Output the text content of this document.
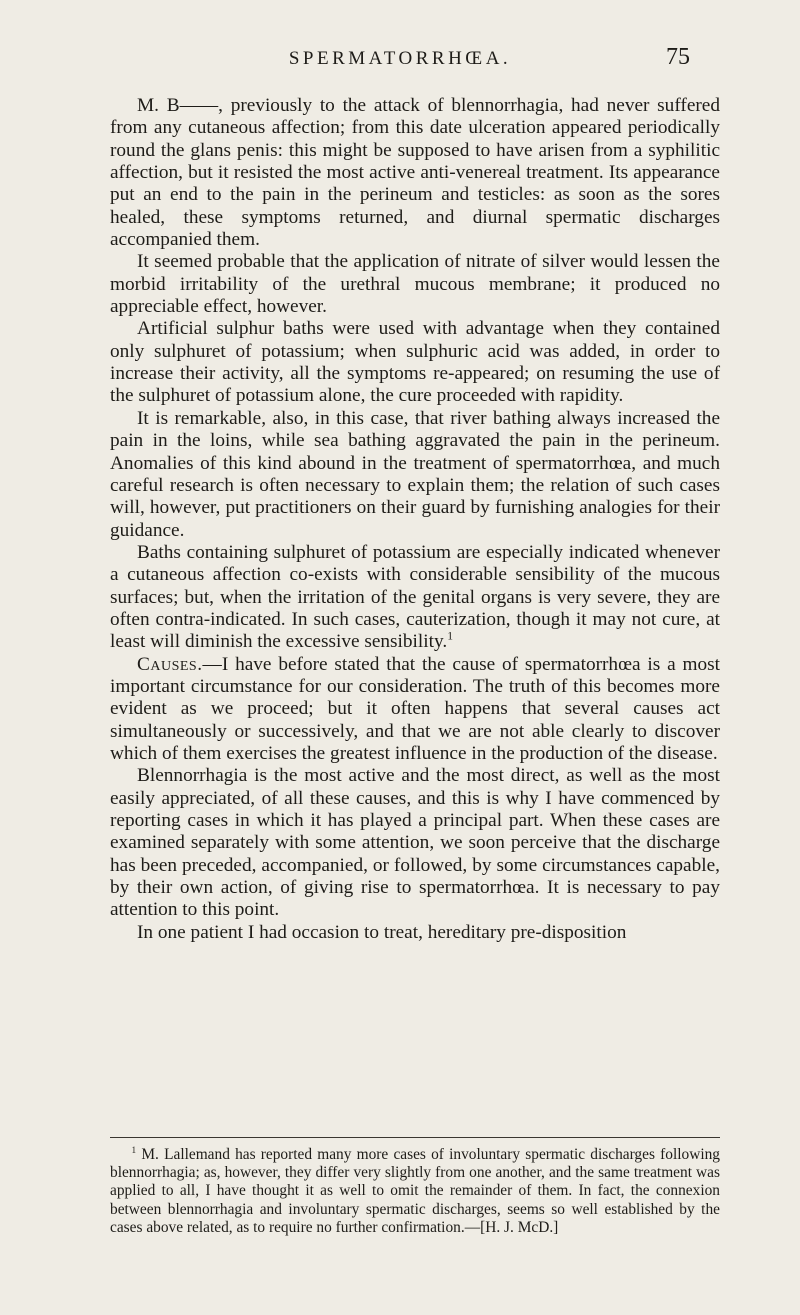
SPERMATORRHŒA.	75

M. B——, previously to the attack of blennorrhagia, had never suffered from any cutaneous affection; from this date ulceration appeared periodically round the glans penis: this might be supposed to have arisen from a syphilitic affection, but it resisted the most active anti-venereal treatment. Its appearance put an end to the pain in the perineum and testicles: as soon as the sores healed, these symptoms returned, and diurnal spermatic discharges accompanied them.

It seemed probable that the application of nitrate of silver would lessen the morbid irritability of the urethral mucous membrane; it produced no appreciable effect, however.

Artificial sulphur baths were used with advantage when they contained only sulphuret of potassium; when sulphuric acid was added, in order to increase their activity, all the symptoms re-appeared; on resuming the use of the sulphuret of potassium alone, the cure proceeded with rapidity.

It is remarkable, also, in this case, that river bathing always increased the pain in the loins, while sea bathing aggravated the pain in the perineum. Anomalies of this kind abound in the treatment of spermatorrhœa, and much careful research is often necessary to explain them; the relation of such cases will, however, put practitioners on their guard by furnishing analogies for their guidance.

Baths containing sulphuret of potassium are especially indicated whenever a cutaneous affection co-exists with considerable sensibility of the mucous surfaces; but, when the irritation of the genital organs is very severe, they are often contra-indicated. In such cases, cauterization, though it may not cure, at least will diminish the excessive sensibility.$^1$

Causes.—I have before stated that the cause of spermatorrhœa is a most important circumstance for our consideration. The truth of this becomes more evident as we proceed; but it often happens that several causes act simultaneously or successively, and that we are not able clearly to discover which of them exercises the greatest influence in the production of the disease.

Blennorrhagia is the most active and the most direct, as well as the most easily appreciated, of all these causes, and this is why I have commenced by reporting cases in which it has played a principal part. When these cases are examined separately with some attention, we soon perceive that the discharge has been preceded, accompanied, or followed, by some circumstances capable, by their own action, of giving rise to spermatorrhœa. It is necessary to pay attention to this point.

In one patient I had occasion to treat, hereditary pre-disposition

$^1$ M. Lallemand has reported many more cases of involuntary spermatic discharges following blennorrhagia; as, however, they differ very slightly from one another, and the same treatment was applied to all, I have thought it as well to omit the remainder of them. In fact, the connexion between blennorrhagia and involuntary spermatic discharges, seems so well established by the cases above related, as to require no further confirmation.—[H. J. McD.]
